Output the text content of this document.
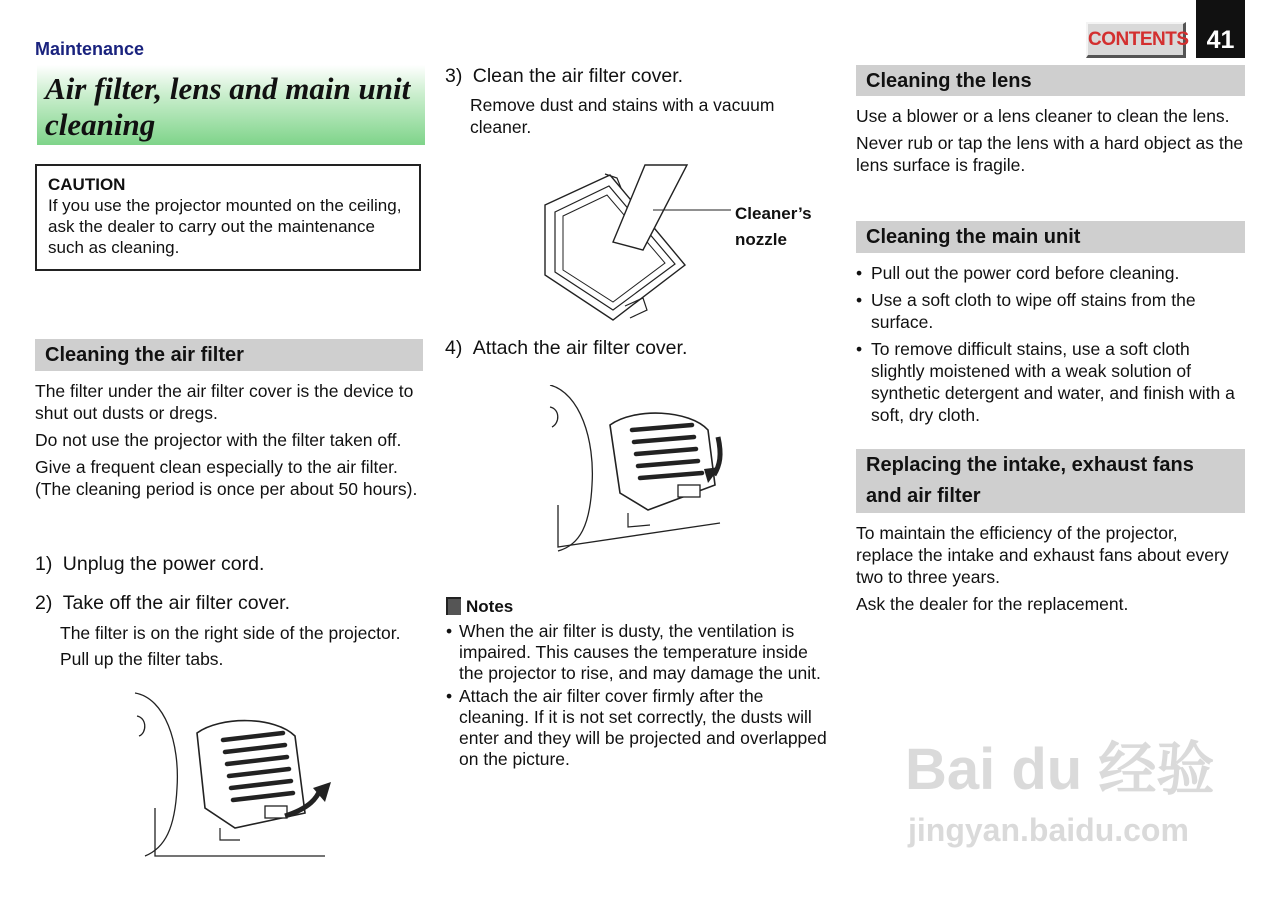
Maintenance	CONTENTS 41
Air filter, lens and main unit
cleaning
CAUTION
If you use the projector mounted on the ceiling, ask the dealer to carry out the maintenance such as cleaning.
Cleaning the air filter
The filter under the air filter cover is the device to shut out dusts or dregs.
Do not use the projector with the filter taken off.
Give a frequent clean especially to the air filter. (The cleaning period is once per about 50 hours).
1) Unplug the power cord.
2) Take off the air filter cover.
The filter is on the right side of the projector.
Pull up the filter tabs.
3) Clean the air filter cover.
Remove dust and stains with a vacuum cleaner.
Cleaner’s
nozzle
4) Attach the air filter cover.
Notes
• When the air filter is dusty, the ventilation is impaired. This causes the temperature inside the projector to rise, and may damage the unit.
• Attach the air filter cover firmly after the cleaning. If it is not set correctly, the dusts will enter and they will be projected and overlapped on the picture.
Cleaning the lens
Use a blower or a lens cleaner to clean the lens.
Never rub or tap the lens with a hard object as the lens surface is fragile.
Cleaning the main unit
• Pull out the power cord before cleaning.
• Use a soft cloth to wipe off stains from the surface.
• To remove difficult stains, use a soft cloth slightly moistened with a weak solution of synthetic detergent and water, and finish with a soft, dry cloth.
Replacing the intake, exhaust fans
and air filter
To maintain the efficiency of the projector, replace the intake and exhaust fans about every two to three years.
Ask the dealer for the replacement.
Bai du 经验
jingyan.baidu.com
